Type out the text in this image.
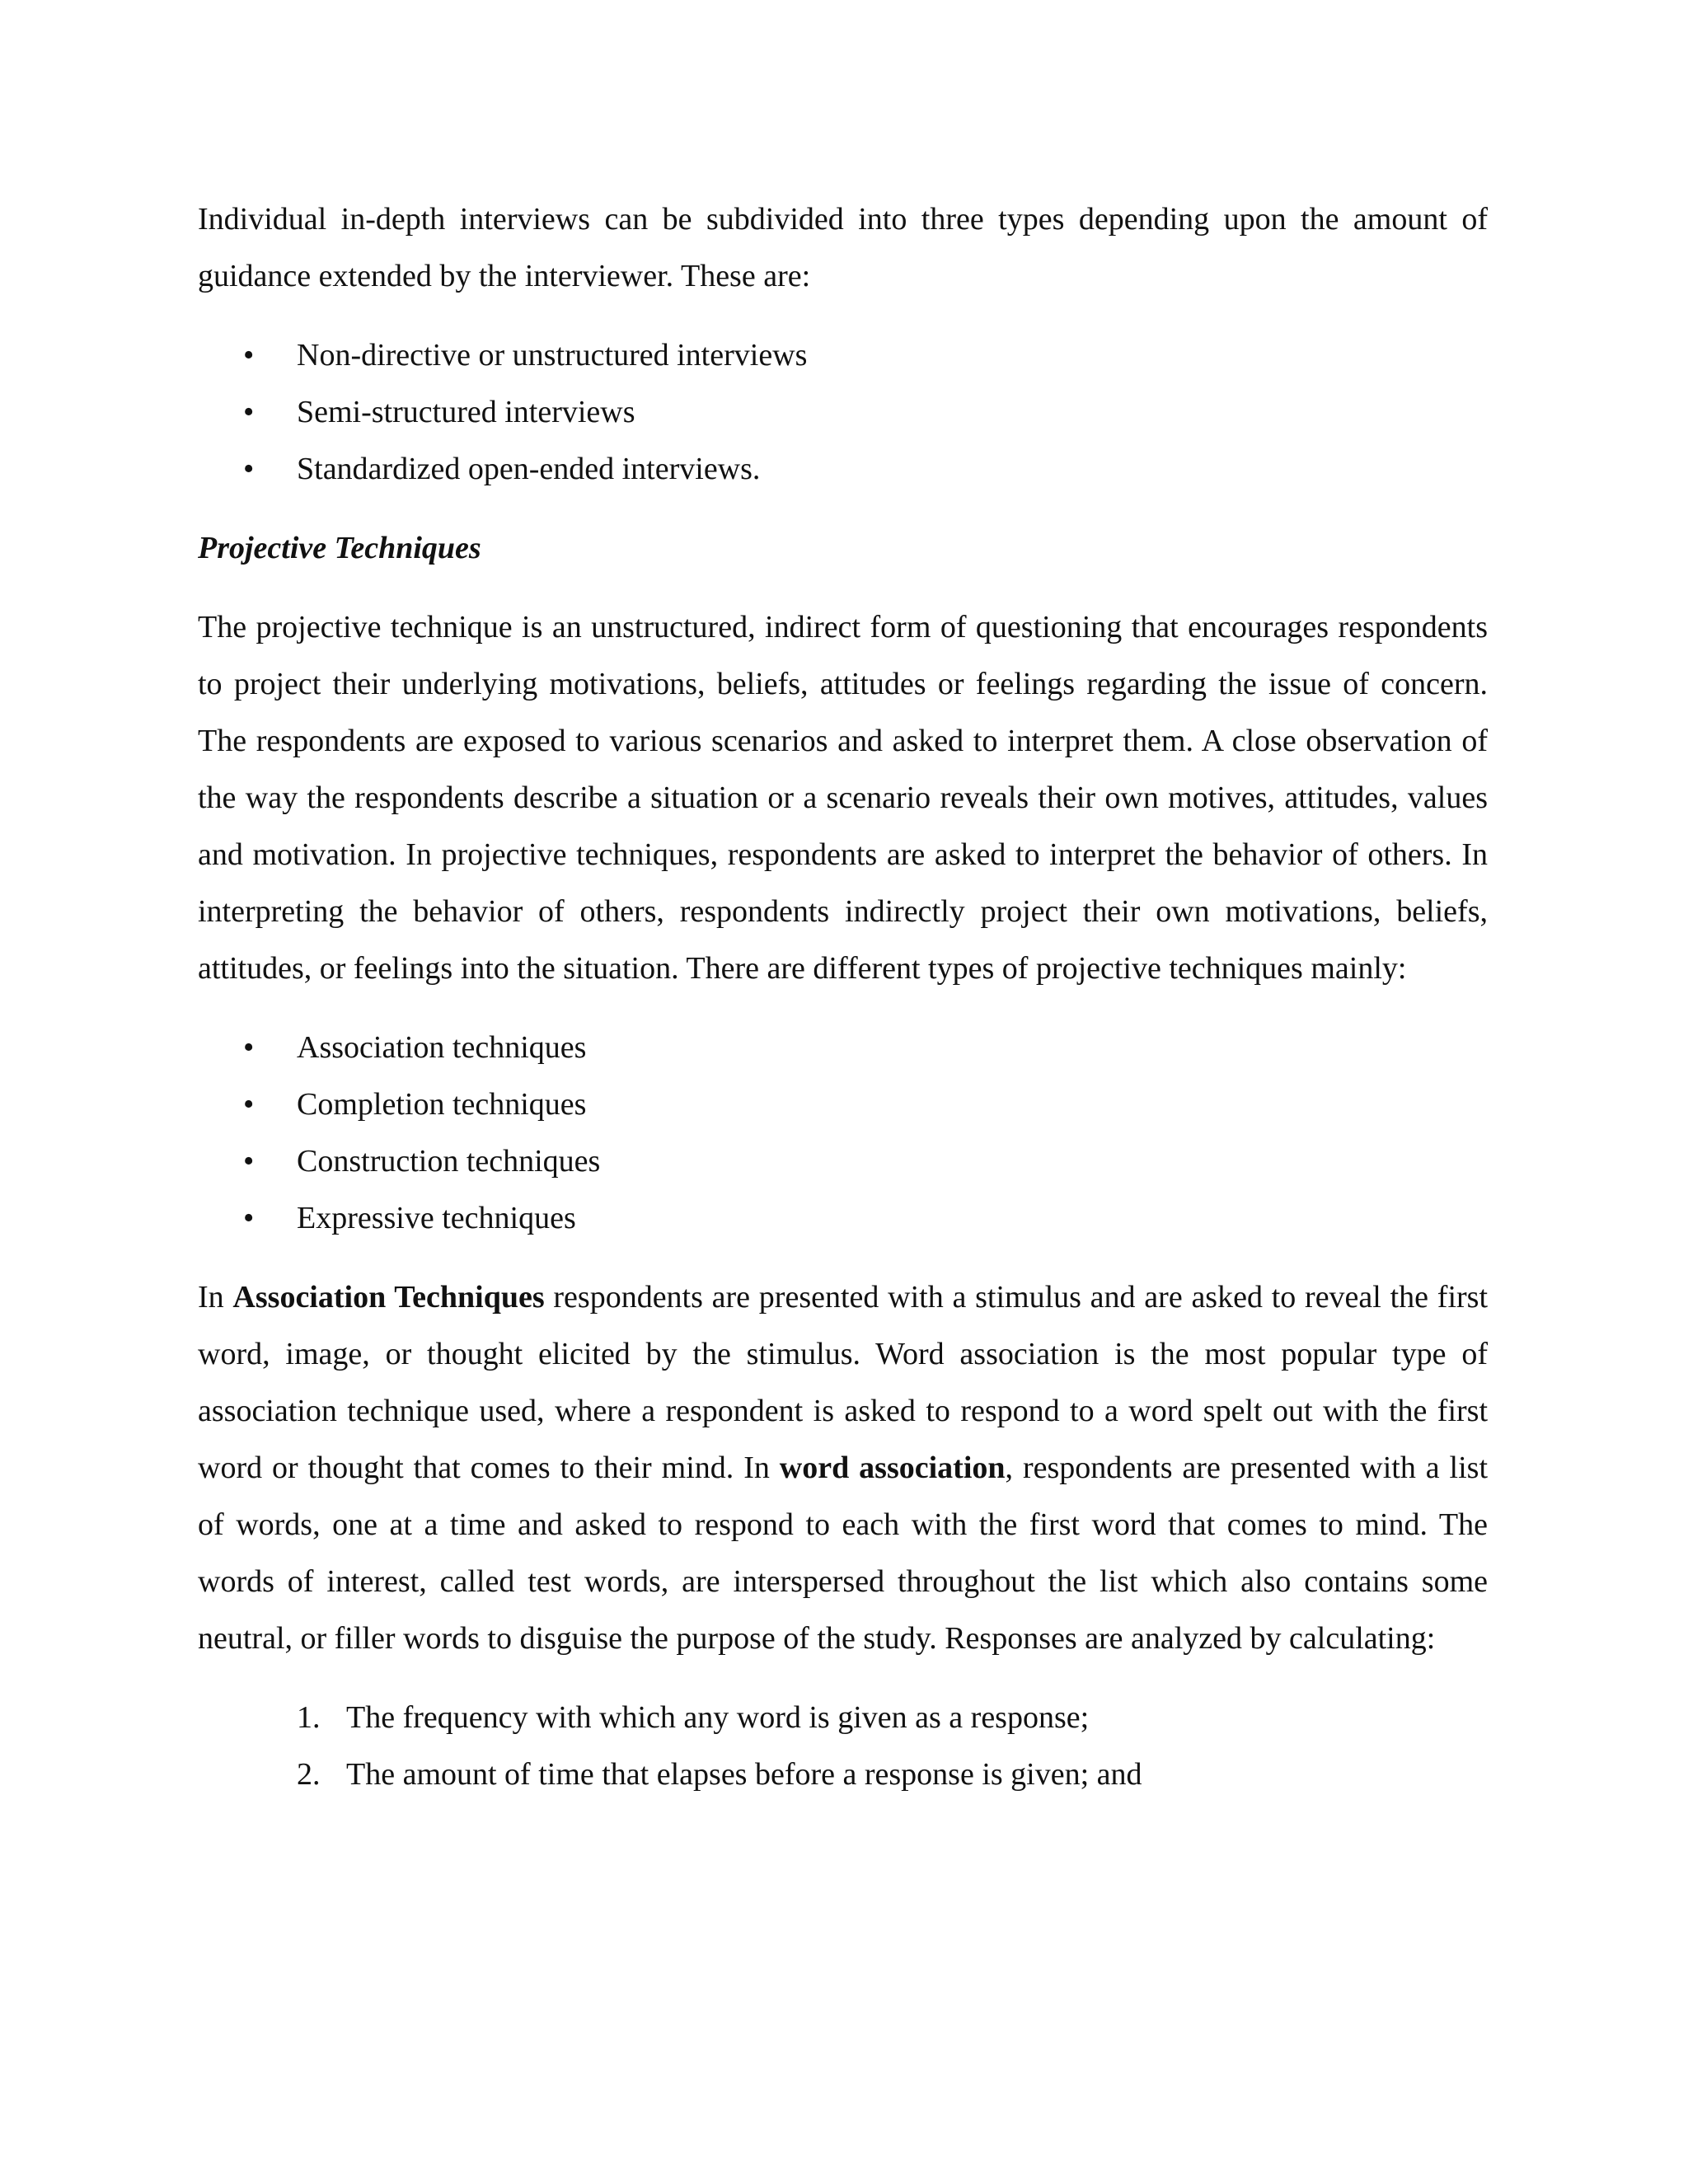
Individual in-depth interviews can be subdivided into three types depending upon the amount of guidance extended by the interviewer. These are:

• Non-directive or unstructured interviews
• Semi-structured interviews
• Standardized open-ended interviews.

Projective Techniques

The projective technique is an unstructured, indirect form of questioning that encourages respondents to project their underlying motivations, beliefs, attitudes or feelings regarding the issue of concern. The respondents are exposed to various scenarios and asked to interpret them. A close observation of the way the respondents describe a situation or a scenario reveals their own motives, attitudes, values and motivation. In projective techniques, respondents are asked to interpret the behavior of others. In interpreting the behavior of others, respondents indirectly project their own motivations, beliefs, attitudes, or feelings into the situation. There are different types of projective techniques mainly:

• Association techniques
• Completion techniques
• Construction techniques
• Expressive techniques

In Association Techniques respondents are presented with a stimulus and are asked to reveal the first word, image, or thought elicited by the stimulus. Word association is the most popular type of association technique used, where a respondent is asked to respond to a word spelt out with the first word or thought that comes to their mind. In word association, respondents are presented with a list of words, one at a time and asked to respond to each with the first word that comes to mind. The words of interest, called test words, are interspersed throughout the list which also contains some neutral, or filler words to disguise the purpose of the study. Responses are analyzed by calculating:

1. The frequency with which any word is given as a response;
2. The amount of time that elapses before a response is given; and
